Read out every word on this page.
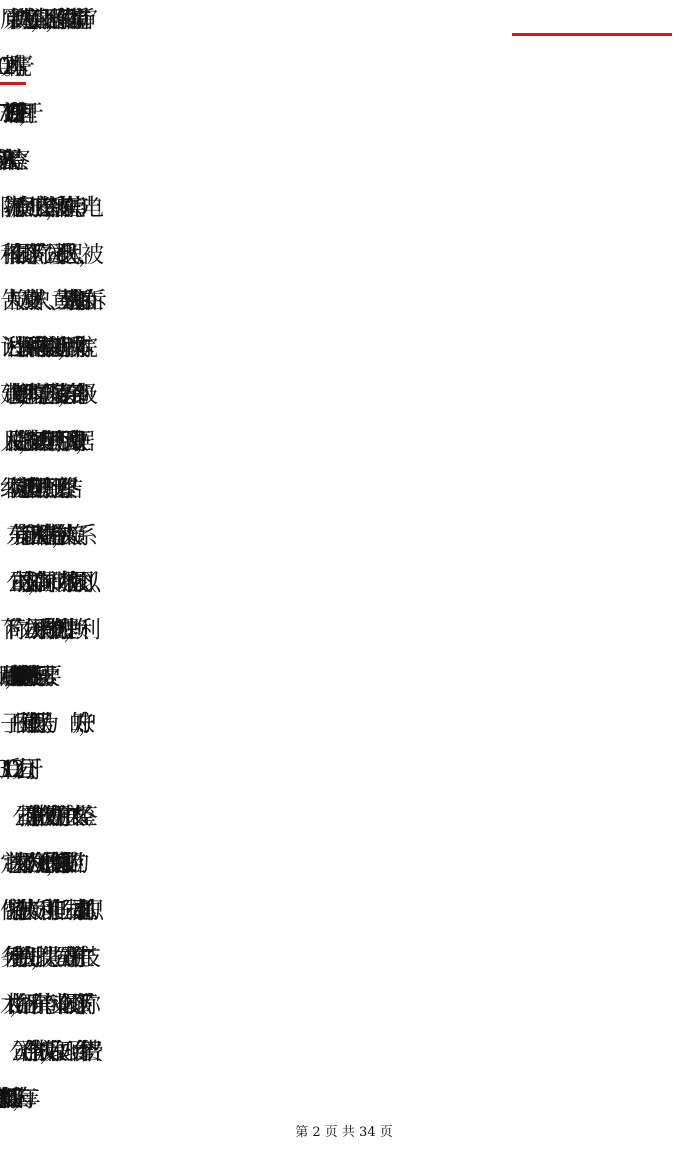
原审判决认定事实不清，证据不足，将案件发回本院重新审
年 5 月 9 日公开开庭审理了本案。东莞市第三市区人民检察
院指派检察员何　　出庭支持公诉，被害单位东莞市　　　光电
科技有限公司（以下简称　　　公司）委托代理人　　　　，被
告人赖　　　及其辩护人　　　　　、黄雪芬到庭参加诉讼。在诉
讼过程中公诉机关两次向本院建议延期审理，后两次向本院
建议恢复审理，本院均予同意。因案情复杂，经东莞市中级
人民法院批准，本案延长审理期限三个月；后因调取证据，
经本院同意延长审理期限三个月。现已审理终结。
　　东莞市第三市区人民检察院指控称，被告人赖　　　系
　　公司的技术副总，在向深圳市　　　力数控有限公司（以
下简称　　　力公司）采购一台雕刻机的过程中，赖　　　利
用职务便利向　　　力公司索要 5000 元回扣，并提供了其妻
子王　　中国建设银行账号为　　　　　　　　　　的账户，
　　　　公司拥有生产扩散板的生产配方和生产技术（经鉴
定该技术属于不为公众所知悉的技术信息），并采取了相应的
保密措施。被告人赖　　　利用其担任　　　公司技术副总的职
务便利主动找到王　　，以提供　　　公司生产配方和生产技
术为由，介绍王　　和东莞市　　　实业有限公司（以下简称
　　　公司）合作生产扩散板，后收取王　　　项目合作介绍费
第 2 页 共 34 页
